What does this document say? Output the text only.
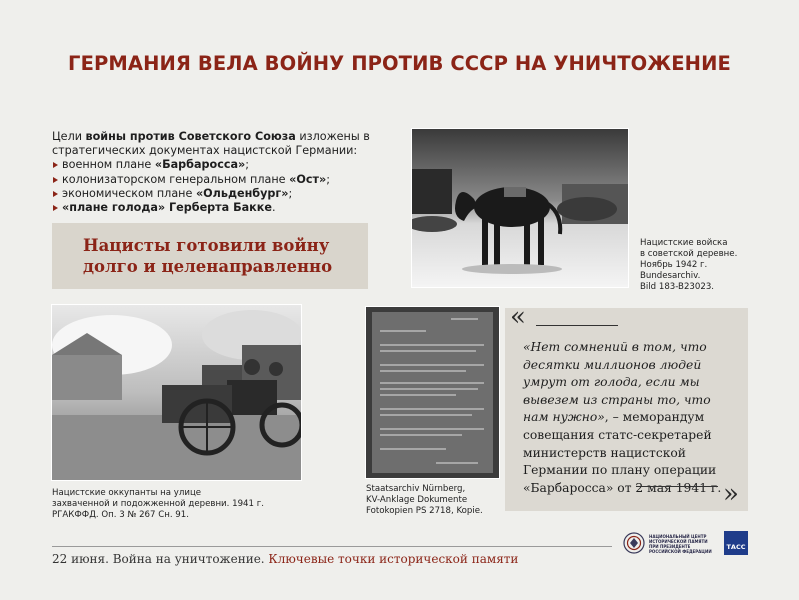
ГЕРМАНИЯ ВЕЛА ВОЙНУ ПРОТИВ СССР НА УНИЧТОЖЕНИЕ
Цели войны против Советского Союза изложены в стратегических документах нацистской Германии:
военном плане «Барбаросса»;
колонизаторском генеральном плане «Ост»;
экономическом плане «Ольденбург»;
«плане голода» Герберта Бакке.
Нацисты готовили войну
долго и целенаправленно
Нацистские войска
в советской деревне.
Ноябрь 1942 г.
Bundesarchiv.
Bild 183-B23023.
Нацистские оккупанты на улице
захваченной и подожженной деревни. 1941 г.
РГАКФФД. Оп. 3 № 267 Сн. 91.
Staatsarchiv Nürnberg,
KV-Anklage Dokumente
Fotokopien PS 2718, Kopie.
«
«Нет сомнений в том, что десятки миллионов людей умрут от голода, если мы вывезем из страны то, что нам нужно», – меморандум совещания статс-секретарей министерств нацистской Германии по плану операции «Барбаросса» от 2 мая 1941 г. »
22 июня. Война на уничтожение. Ключевые точки исторической памяти
НАЦИОНАЛЬНЫЙ ЦЕНТР ИСТОРИЧЕСКОЙ ПАМЯТИ ПРИ ПРЕЗИДЕНТЕ РОССИЙСКОЙ ФЕДЕРАЦИИ
ТАСС
